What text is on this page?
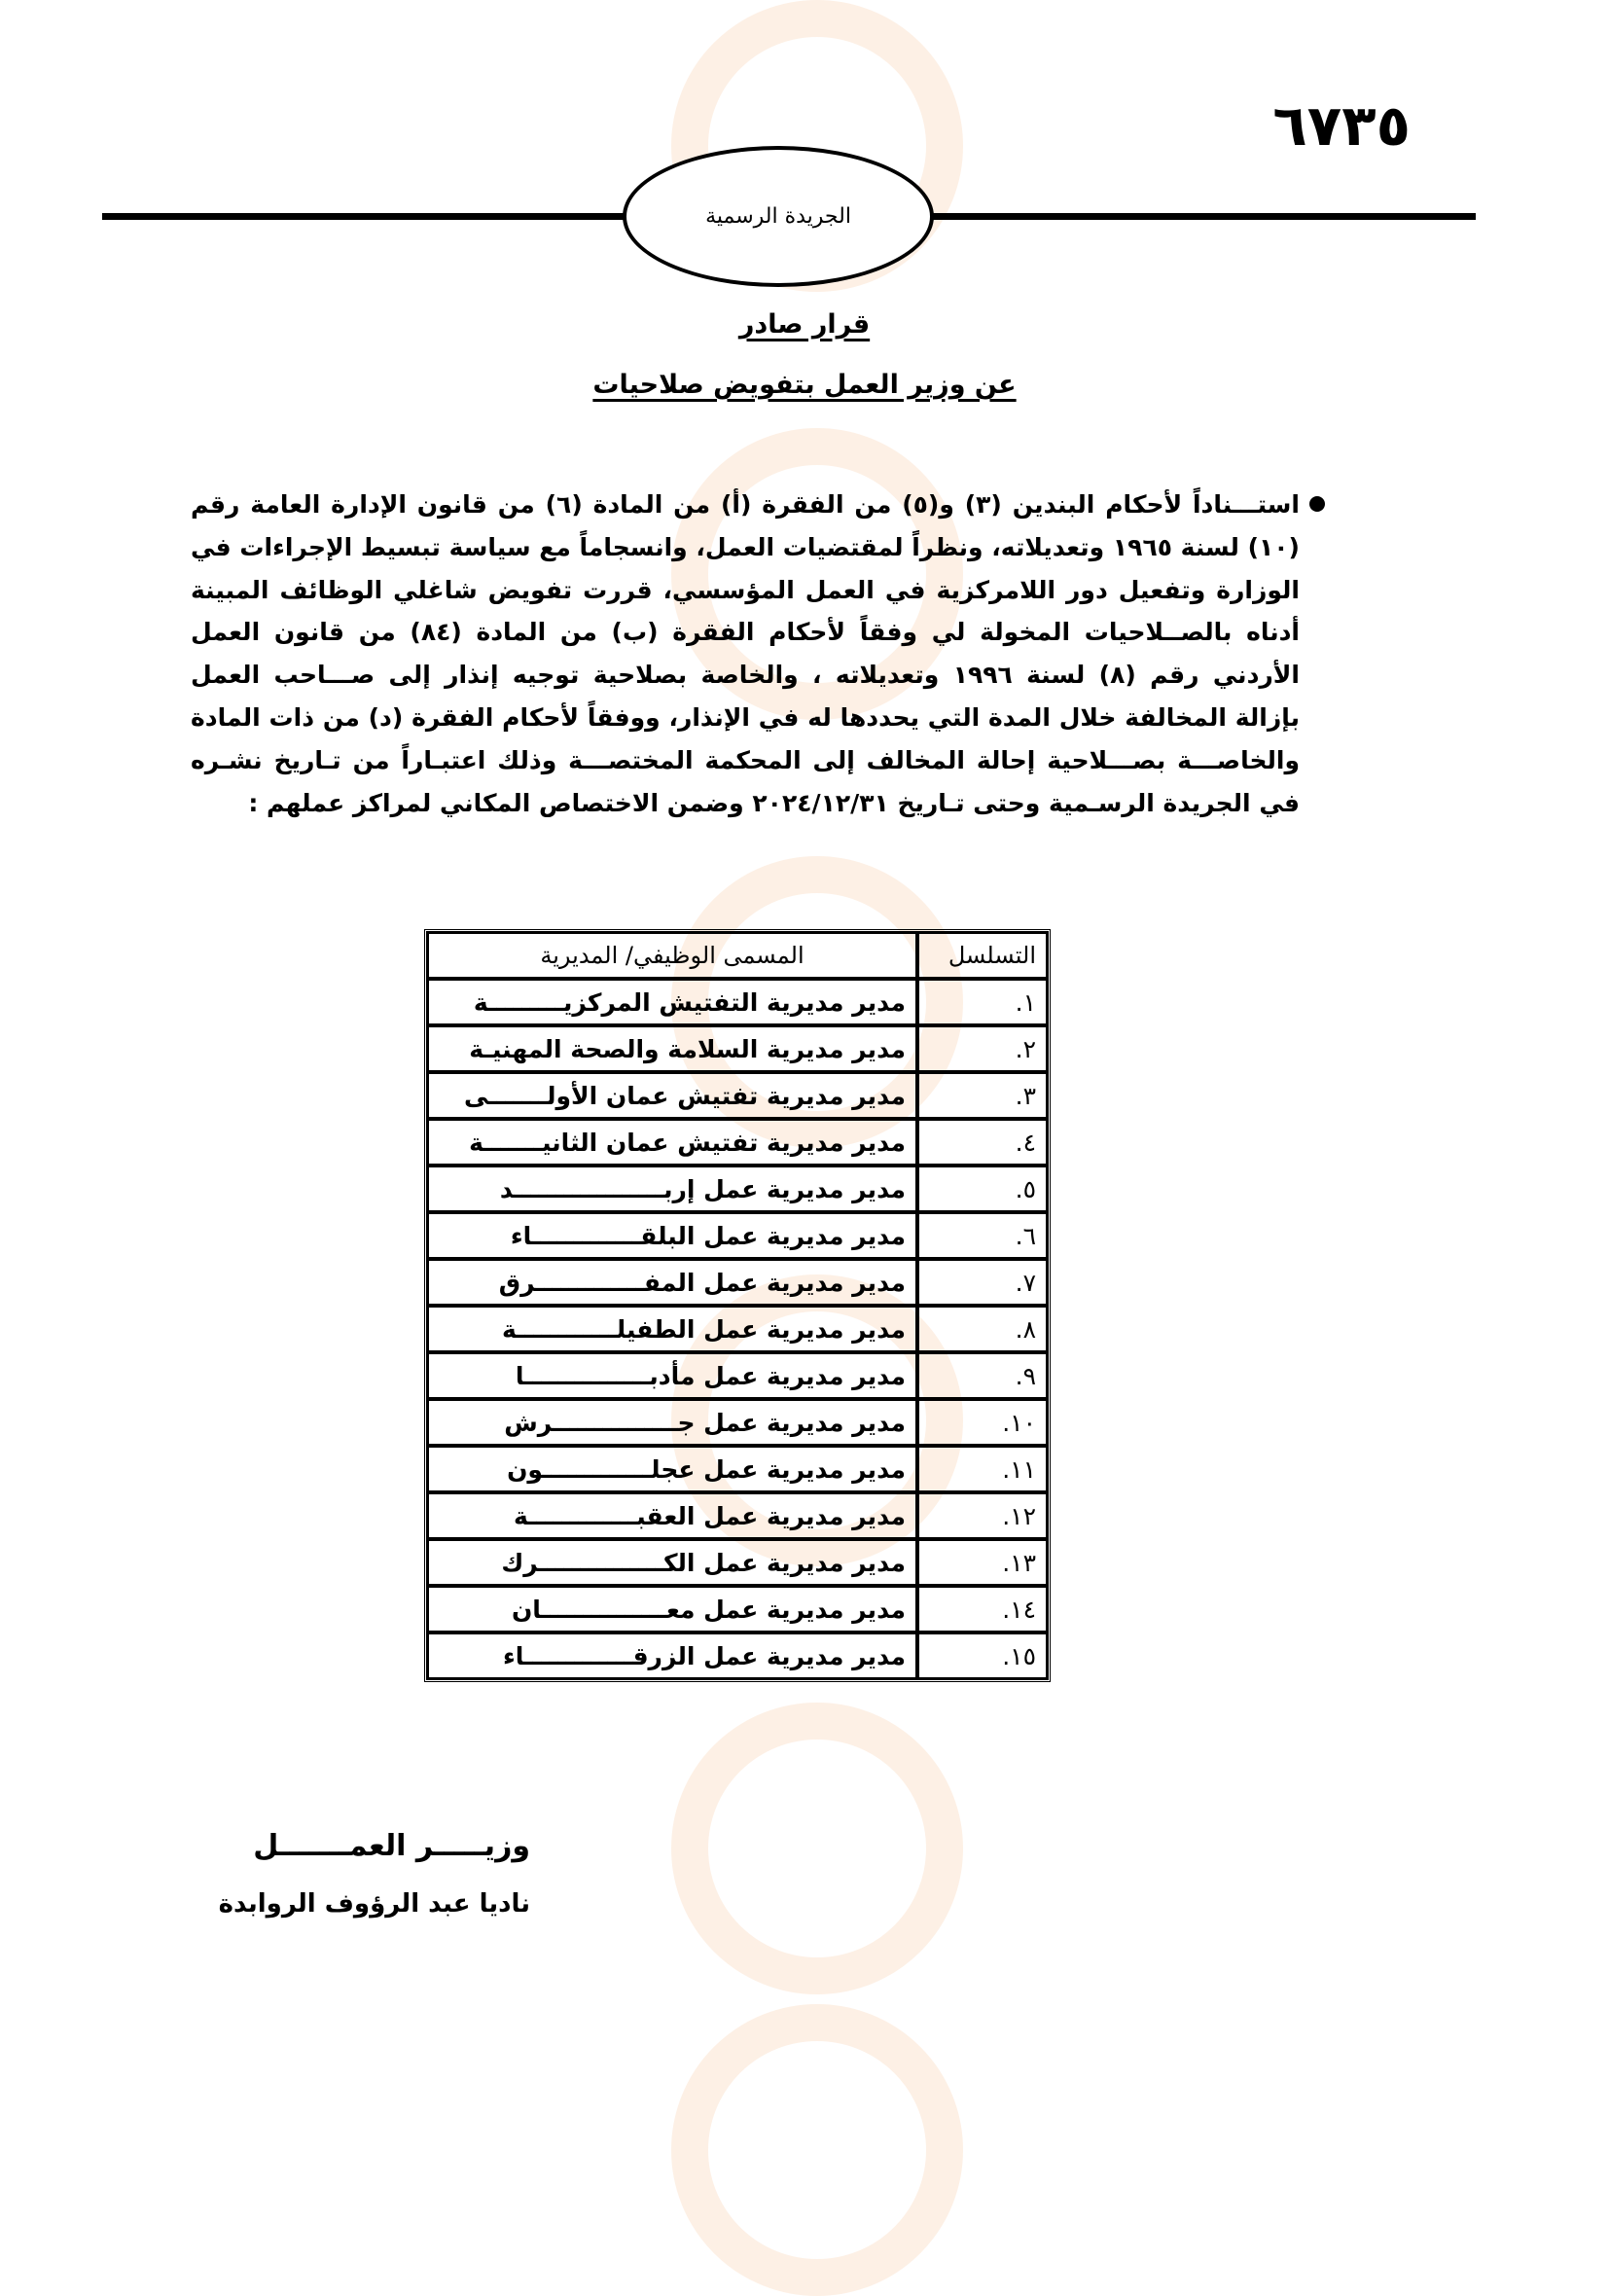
٦٧٣٥
الجريدة الرسمية
قرار صادر
عن وزير العمل بتفويض صلاحيات
استـــناداً لأحكام البندين (٣) و(٥) من الفقرة (أ) من المادة (٦) من قانون الإدارة العامة رقم (١٠) لسنة ١٩٦٥ وتعديلاته، ونظراً لمقتضيات العمل، وانسجاماً مع سياسة تبسيط الإجراءات في الوزارة وتفعيل دور اللامركزية في العمل المؤسسي، قررت تفويض شاغلي الوظائف المبينة أدناه بالصــلاحيات المخولة لي وفقاً لأحكام الفقرة (ب) من المادة (٨٤) من قانون العمل الأردني رقم (٨) لسنة ١٩٩٦ وتعديلاته ، والخاصة بصلاحية توجيه إنذار إلى صـــاحب العمل بإزالة المخالفة خلال المدة التي يحددها له في الإنذار، ووفقاً لأحكام الفقرة (د) من ذات المادة والخاصـــة بصـــلاحية إحالة المخالف إلى المحكمة المختصـــة وذلك اعتبـاراً من تـاريخ نشـره في الجريدة الرسـمية وحتى تـاريخ ٢٠٢٤/١٢/٣١ وضمن الاختصاص المكاني لمراكز عملهم :
التسلسل	المسمى الوظيفي/ المديرية
١.	مدير مديرية التفتيش المركزيـــــــــة
٢.	مدير مديرية السلامة والصحة المهنيـة
٣.	مدير مديرية تفتيش عمان الأولـــــــى
٤.	مدير مديرية تفتيش عمان الثانيـــــــة
٥.	مدير مديرية عمل إربــــــــــــــــــد
٦.	مدير مديرية عمل البلقـــــــــــــاء
٧.	مدير مديرية عمل المفـــــــــــــرق
٨.	مدير مديرية عمل الطفيلــــــــــــة
٩.	مدير مديرية عمل مأدبـــــــــــــــا
١٠.	مدير مديرية عمل جـــــــــــــــرش
١١.	مدير مديرية عمل عجلـــــــــــــون
١٢.	مدير مديرية عمل العقبـــــــــــــة
١٣.	مدير مديرية عمل الكـــــــــــــــرك
١٤.	مدير مديرية عمل معـــــــــــــــان
١٥.	مدير مديرية عمل الزرقـــــــــــــاء
وزيـــــر العمـــــــل
ناديا عبد الرؤوف الروابدة
